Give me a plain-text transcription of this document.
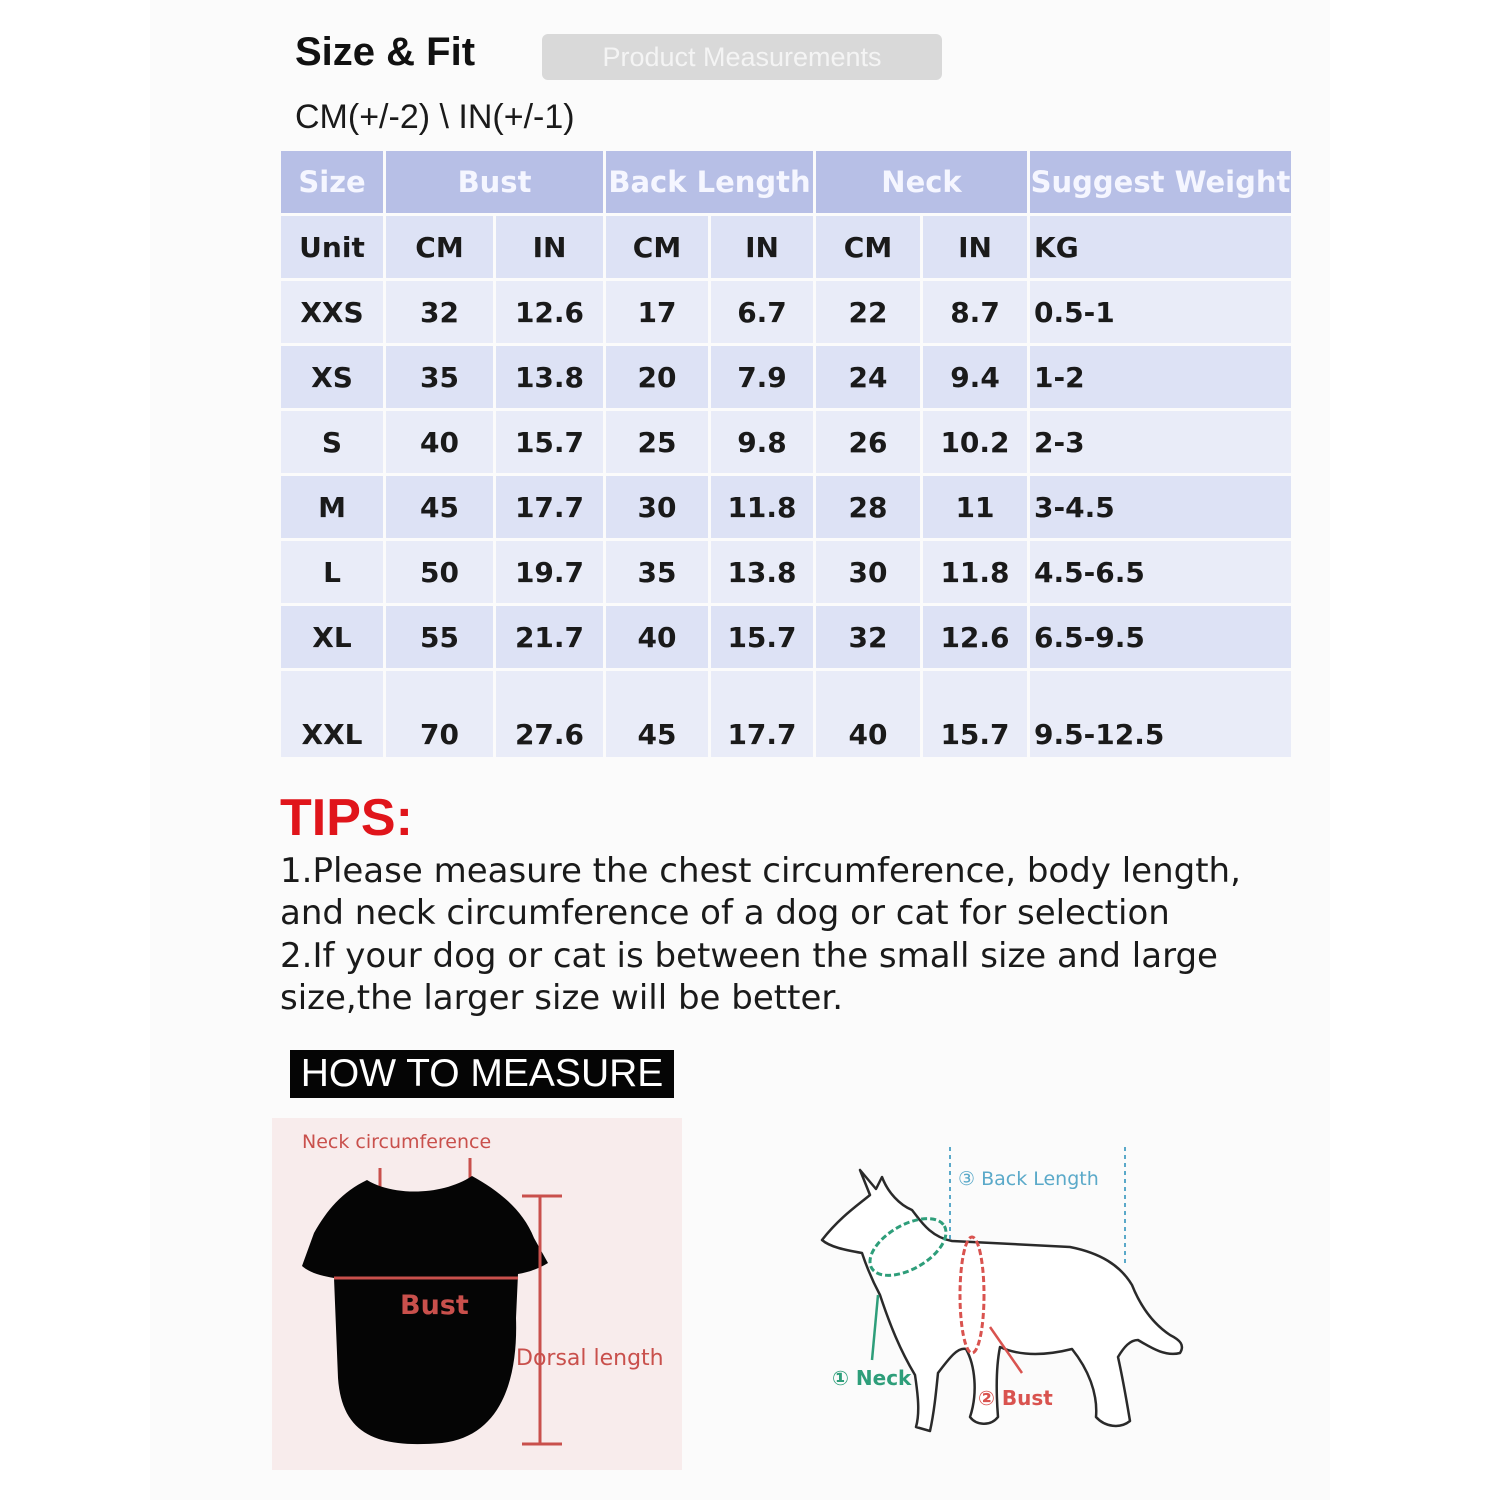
Size & Fit	Product Measurements
CM(+/-2) \ IN(+/-1)
Size	Bust		Back Length		Neck		Suggest Weight
Unit	CM	IN	CM	IN	CM	IN	KG
XXS	32	12.6	17	6.7	22	8.7	0.5-1
XS	35	13.8	20	7.9	24	9.4	1-2
S	40	15.7	25	9.8	26	10.2	2-3
M	45	17.7	30	11.8	28	11	3-4.5
L	50	19.7	35	13.8	30	11.8	4.5-6.5
XL	55	21.7	40	15.7	32	12.6	6.5-9.5
XXL	70	27.6	45	17.7	40	15.7	9.5-12.5
TIPS:
1.Please measure the chest circumference, body length, and neck circumference of a dog or cat for selection
2.If your dog or cat is between the small size and large size,the larger size will be better.
HOW TO MEASURE
Neck circumference
Bust
Dorsal length
③ Back Length
① Neck
② Bust
